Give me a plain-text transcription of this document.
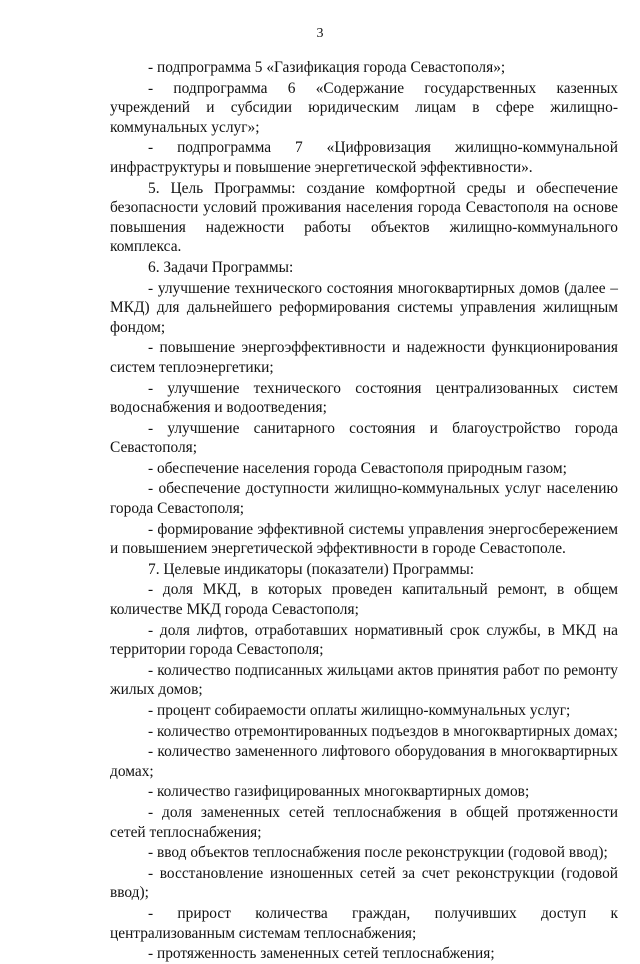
3

- подпрограмма 5 «Газификация города Севастополя»;

- подпрограмма 6 «Содержание государственных казенных учреждений и субсидии юридическим лицам в сфере жилищно-коммунальных услуг»;

- подпрограмма 7 «Цифровизация жилищно-коммунальной инфраструктуры и повышение энергетической эффективности».

5. Цель Программы: создание комфортной среды и обеспечение безопасности условий проживания населения города Севастополя на основе повышения надежности работы объектов жилищно-коммунального комплекса.

6. Задачи Программы:

- улучшение технического состояния многоквартирных домов (далее – МКД) для дальнейшего реформирования системы управления жилищным фондом;

- повышение энергоэффективности и надежности функционирования систем теплоэнергетики;

- улучшение технического состояния централизованных систем водоснабжения и водоотведения;

- улучшение санитарного состояния и благоустройство города Севастополя;

- обеспечение населения города Севастополя природным газом;

- обеспечение доступности жилищно-коммунальных услуг населению города Севастополя;

- формирование эффективной системы управления энергосбережением и повышением энергетической эффективности в городе Севастополе.

7. Целевые индикаторы (показатели) Программы:

- доля МКД, в которых проведен капитальный ремонт, в общем количестве МКД города Севастополя;

- доля лифтов, отработавших нормативный срок службы, в МКД на территории города Севастополя;

- количество подписанных жильцами актов принятия работ по ремонту жилых домов;

- процент собираемости оплаты жилищно-коммунальных услуг;

- количество отремонтированных подъездов в многоквартирных домах;

- количество замененного лифтового оборудования в многоквартирных домах;

- количество газифицированных многоквартирных домов;

- доля замененных сетей теплоснабжения в общей протяженности сетей теплоснабжения;

- ввод объектов теплоснабжения после реконструкции (годовой ввод);

- восстановление изношенных сетей за счет реконструкции (годовой ввод);

- прирост количества граждан, получивших доступ к централизованным системам теплоснабжения;

- протяженность замененных сетей теплоснабжения;
